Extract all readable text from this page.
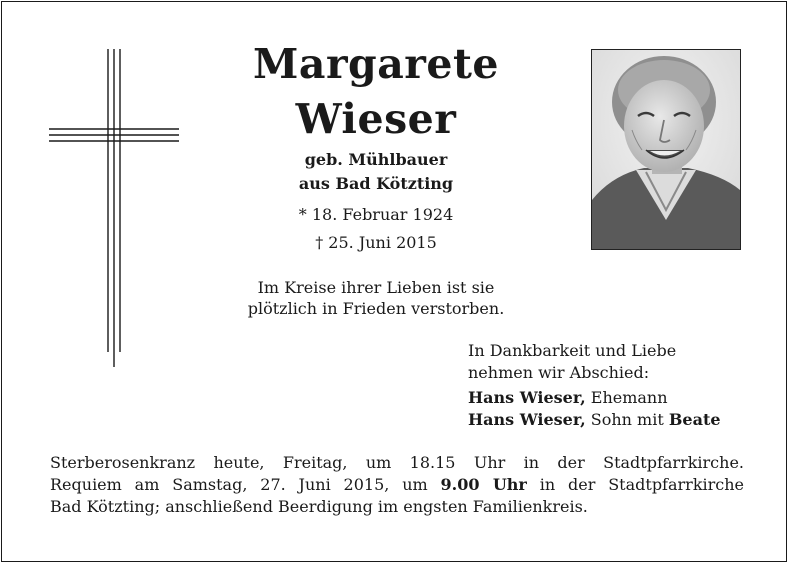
Margarete
Wieser
geb. Mühlbauer
aus Bad Kötzting
* 18. Februar 1924
† 25. Juni 2015
Im Kreise ihrer Lieben ist sie
plötzlich in Frieden verstorben.
In Dankbarkeit und Liebe
nehmen wir Abschied:
Hans Wieser, Ehemann
Hans Wieser, Sohn mit Beate
Sterberosenkranz heute, Freitag, um 18.15 Uhr in der Stadtpfarrkirche.
Requiem am Samstag, 27. Juni 2015, um 9.00 Uhr in der Stadtpfarrkirche
Bad Kötzting; anschließend Beerdigung im engsten Familienkreis.
